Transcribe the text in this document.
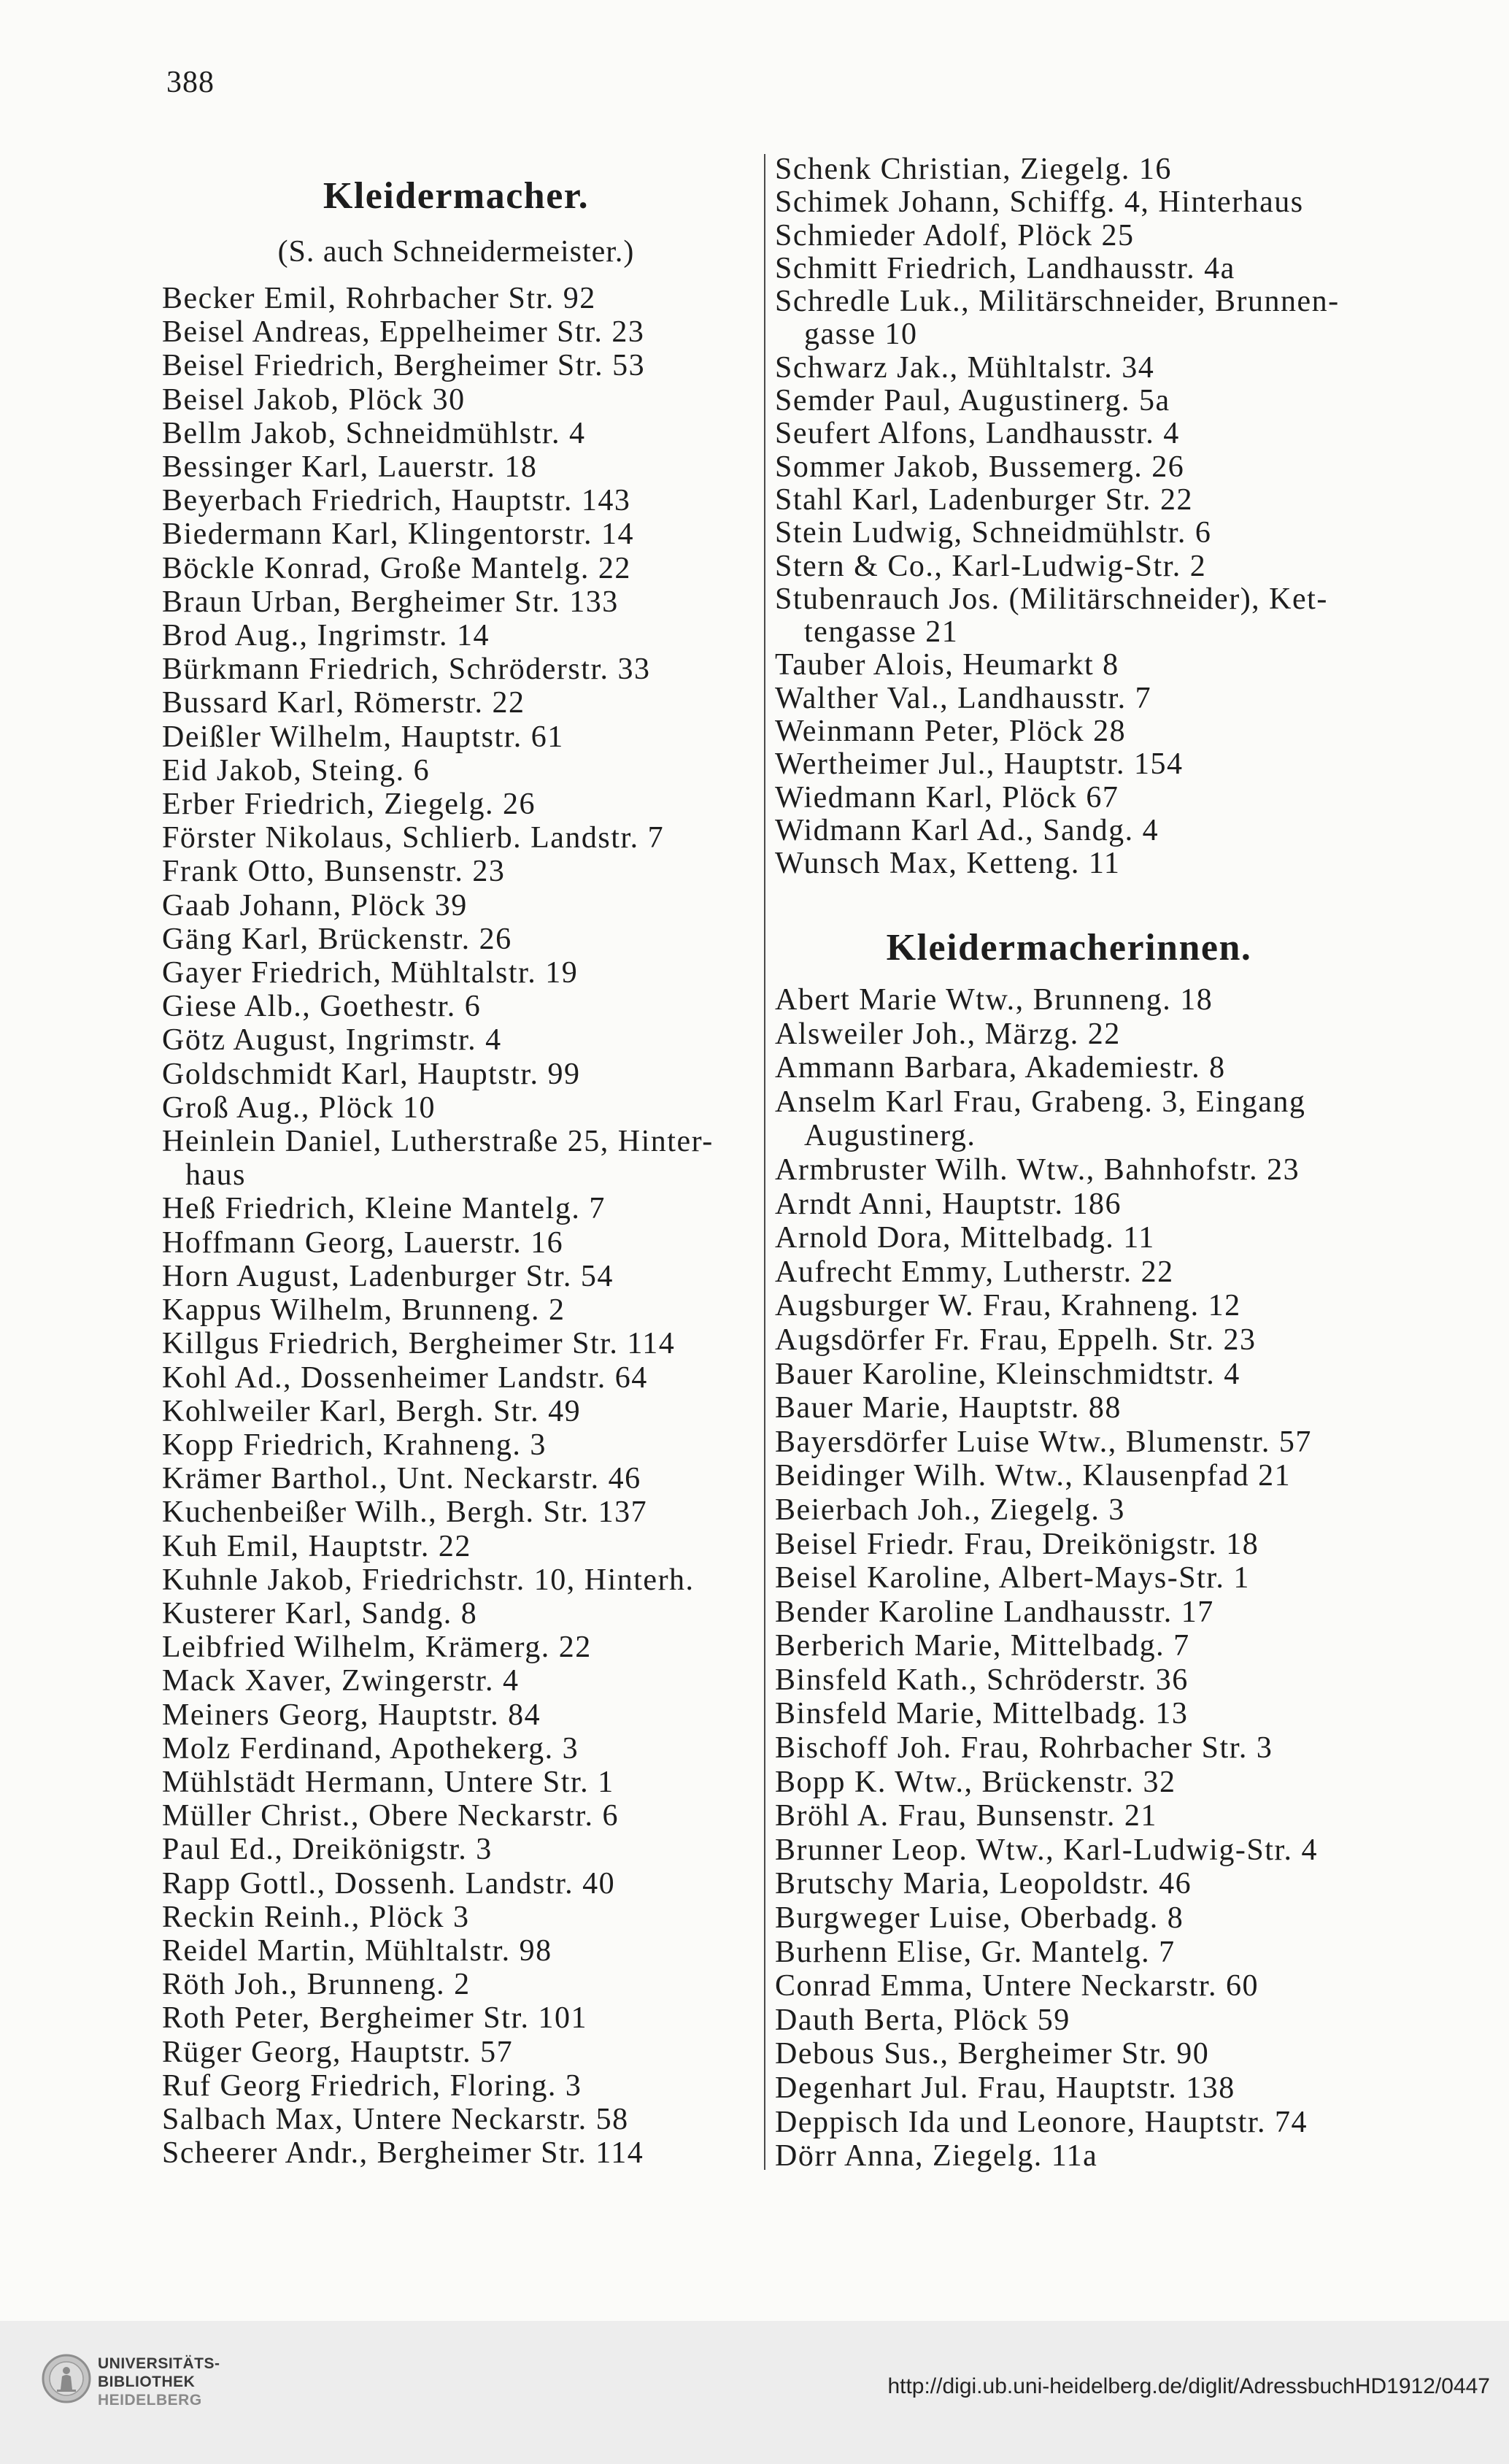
388
Kleidermacher.
(S. auch Schneidermeister.)
Becker Emil, Rohrbacher Str. 92
Beisel Andreas, Eppelheimer Str. 23
Beisel Friedrich, Bergheimer Str. 53
Beisel Jakob, Plöck 30
Bellm Jakob, Schneidmühlstr. 4
Bessinger Karl, Lauerstr. 18
Beyerbach Friedrich, Hauptstr. 143
Biedermann Karl, Klingentorstr. 14
Böckle Konrad, Große Mantelg. 22
Braun Urban, Bergheimer Str. 133
Brod Aug., Ingrimstr. 14
Bürkmann Friedrich, Schröderstr. 33
Bussard Karl, Römerstr. 22
Deißler Wilhelm, Hauptstr. 61
Eid Jakob, Steing. 6
Erber Friedrich, Ziegelg. 26
Förster Nikolaus, Schlierb. Landstr. 7
Frank Otto, Bunsenstr. 23
Gaab Johann, Plöck 39
Gäng Karl, Brückenstr. 26
Gayer Friedrich, Mühltalstr. 19
Giese Alb., Goethestr. 6
Götz August, Ingrimstr. 4
Goldschmidt Karl, Hauptstr. 99
Groß Aug., Plöck 10
Heinlein Daniel, Lutherstraße 25, Hinter-
haus
Heß Friedrich, Kleine Mantelg. 7
Hoffmann Georg, Lauerstr. 16
Horn August, Ladenburger Str. 54
Kappus Wilhelm, Brunneng. 2
Killgus Friedrich, Bergheimer Str. 114
Kohl Ad., Dossenheimer Landstr. 64
Kohlweiler Karl, Bergh. Str. 49
Kopp Friedrich, Krahneng. 3
Krämer Barthol., Unt. Neckarstr. 46
Kuchenbeißer Wilh., Bergh. Str. 137
Kuh Emil, Hauptstr. 22
Kuhnle Jakob, Friedrichstr. 10, Hinterh.
Kusterer Karl, Sandg. 8
Leibfried Wilhelm, Krämerg. 22
Mack Xaver, Zwingerstr. 4
Meiners Georg, Hauptstr. 84
Molz Ferdinand, Apothekerg. 3
Mühlstädt Hermann, Untere Str. 1
Müller Christ., Obere Neckarstr. 6
Paul Ed., Dreikönigstr. 3
Rapp Gottl., Dossenh. Landstr. 40
Reckin Reinh., Plöck 3
Reidel Martin, Mühltalstr. 98
Röth Joh., Brunneng. 2
Roth Peter, Bergheimer Str. 101
Rüger Georg, Hauptstr. 57
Ruf Georg Friedrich, Floring. 3
Salbach Max, Untere Neckarstr. 58
Scheerer Andr., Bergheimer Str. 114
Schenk Christian, Ziegelg. 16
Schimek Johann, Schiffg. 4, Hinterhaus
Schmieder Adolf, Plöck 25
Schmitt Friedrich, Landhausstr. 4a
Schredle Luk., Militärschneider, Brunnen-
gasse 10
Schwarz Jak., Mühltalstr. 34
Semder Paul, Augustinerg. 5a
Seufert Alfons, Landhausstr. 4
Sommer Jakob, Bussemerg. 26
Stahl Karl, Ladenburger Str. 22
Stein Ludwig, Schneidmühlstr. 6
Stern & Co., Karl-Ludwig-Str. 2
Stubenrauch Jos. (Militärschneider), Ket-
tengasse 21
Tauber Alois, Heumarkt 8
Walther Val., Landhausstr. 7
Weinmann Peter, Plöck 28
Wertheimer Jul., Hauptstr. 154
Wiedmann Karl, Plöck 67
Widmann Karl Ad., Sandg. 4
Wunsch Max, Ketteng. 11
Kleidermacherinnen.
Abert Marie Wtw., Brunneng. 18
Alsweiler Joh., Märzg. 22
Ammann Barbara, Akademiestr. 8
Anselm Karl Frau, Grabeng. 3, Eingang
Augustinerg.
Armbruster Wilh. Wtw., Bahnhofstr. 23
Arndt Anni, Hauptstr. 186
Arnold Dora, Mittelbadg. 11
Aufrecht Emmy, Lutherstr. 22
Augsburger W. Frau, Krahneng. 12
Augsdörfer Fr. Frau, Eppelh. Str. 23
Bauer Karoline, Kleinschmidtstr. 4
Bauer Marie, Hauptstr. 88
Bayersdörfer Luise Wtw., Blumenstr. 57
Beidinger Wilh. Wtw., Klausenpfad 21
Beierbach Joh., Ziegelg. 3
Beisel Friedr. Frau, Dreikönigstr. 18
Beisel Karoline, Albert-Mays-Str. 1
Bender Karoline Landhausstr. 17
Berberich Marie, Mittelbadg. 7
Binsfeld Kath., Schröderstr. 36
Binsfeld Marie, Mittelbadg. 13
Bischoff Joh. Frau, Rohrbacher Str. 3
Bopp K. Wtw., Brückenstr. 32
Bröhl A. Frau, Bunsenstr. 21
Brunner Leop. Wtw., Karl-Ludwig-Str. 4
Brutschy Maria, Leopoldstr. 46
Burgweger Luise, Oberbadg. 8
Burhenn Elise, Gr. Mantelg. 7
Conrad Emma, Untere Neckarstr. 60
Dauth Berta, Plöck 59
Debous Sus., Bergheimer Str. 90
Degenhart Jul. Frau, Hauptstr. 138
Deppisch Ida und Leonore, Hauptstr. 74
Dörr Anna, Ziegelg. 11a
UNIVERSITÄTS-
BIBLIOTHEK
HEIDELBERG
http://digi.ub.uni-heidelberg.de/diglit/AdressbuchHD1912/0447
